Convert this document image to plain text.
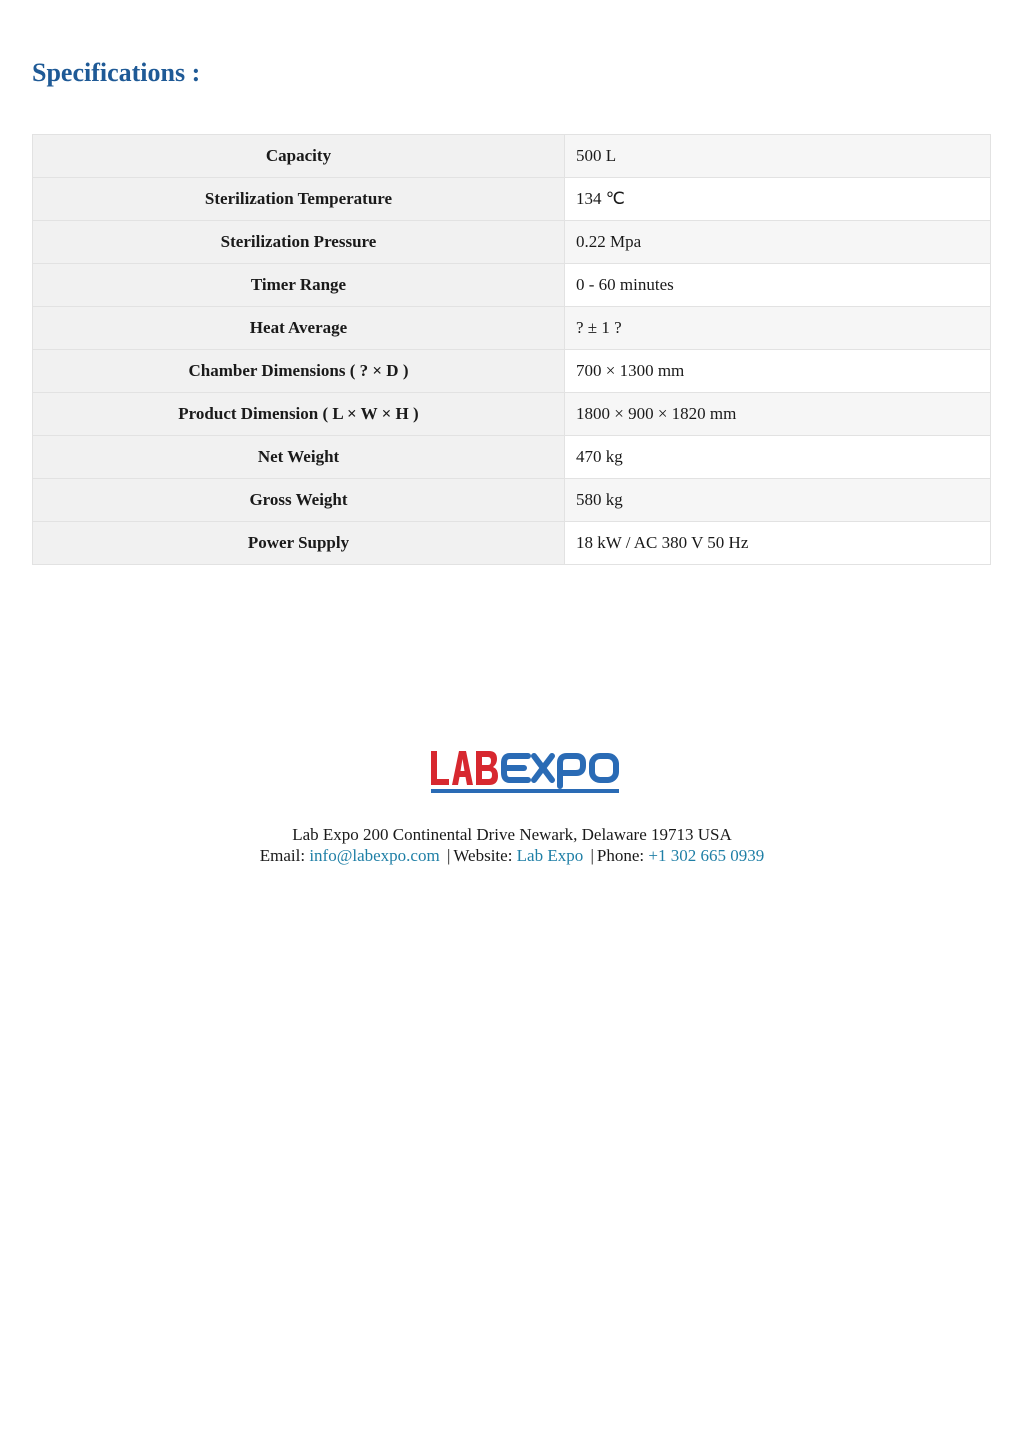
Specifications :
Capacity	500 L
Sterilization Temperature	134 ℃
Sterilization Pressure	0.22 Mpa
Timer Range	0 - 60 minutes
Heat Average	? ± 1 ?
Chamber Dimensions ( ? × D )	700 × 1300 mm
Product Dimension ( L × W × H )	1800 × 900 × 1820 mm
Net Weight	470 kg
Gross Weight	580 kg
Power Supply	18 kW / AC 380 V 50 Hz
Lab Expo 200 Continental Drive Newark, Delaware 19713 USA
Email: info@labexpo.com | Website: Lab Expo | Phone: +1 302 665 0939
